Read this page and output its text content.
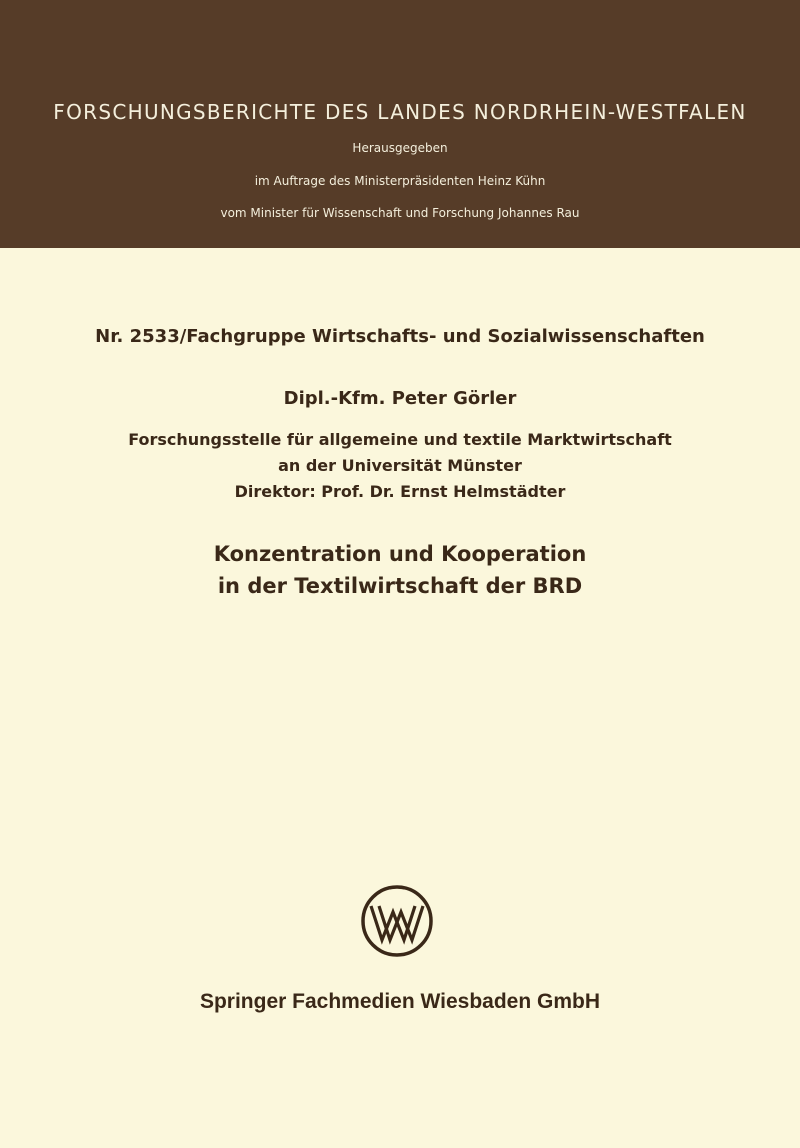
FORSCHUNGSBERICHTE DES LANDES NORDRHEIN-WESTFALEN
Herausgegeben
im Auftrage des Ministerpräsidenten Heinz Kühn
vom Minister für Wissenschaft und Forschung Johannes Rau
Nr. 2533/Fachgruppe Wirtschafts- und Sozialwissenschaften
Dipl.-Kfm. Peter Görler
Forschungsstelle für allgemeine und textile Marktwirtschaft
an der Universität Münster
Direktor: Prof. Dr. Ernst Helmstädter
Konzentration und Kooperation
in der Textilwirtschaft der BRD
Springer Fachmedien Wiesbaden GmbH
